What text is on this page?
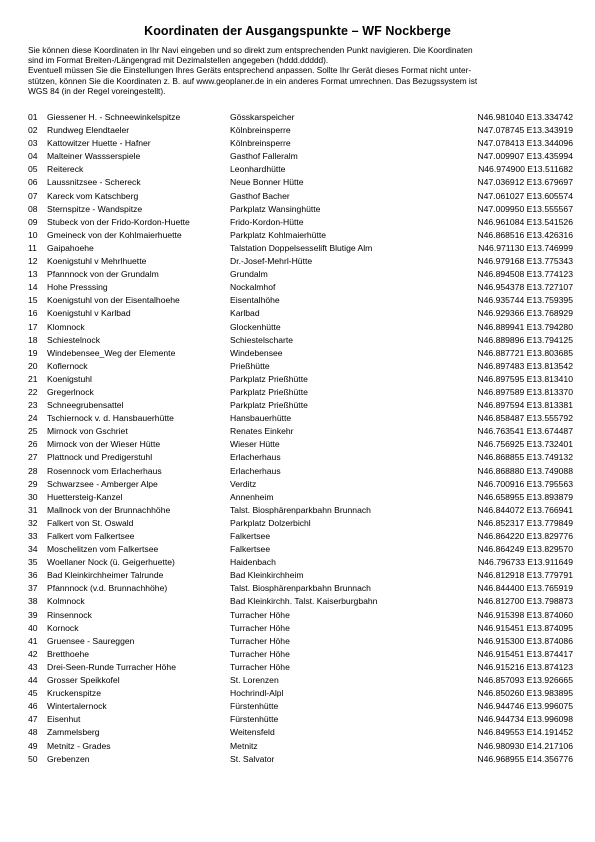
Koordinaten der Ausgangspunkte – WF Nockberge

Sie können diese Koordinaten in Ihr Navi eingeben und so direkt zum entsprechenden Punkt navigieren. Die Koordinaten

sind im Format Breiten-/Längengrad mit Dezimalstellen angegeben (hddd.ddddd).

Eventuell müssen Sie die Einstellungen Ihres Geräts entsprechend anpassen. Sollte Ihr Gerät dieses Format nicht unter-

stützen, können Sie die Koordinaten z. B. auf www.geoplaner.de in ein anderes Format umrechnen. Das Bezugssystem ist

WGS 84 (in der Regel voreingestellt).

01 Giessener H. - Schneewinkelspitze	Gösskarspeicher	N46.981040 E13.334742
02 Rundweg Elendtaeler	Kölnbreinsperre	N47.078745 E13.343919
03 Kattowitzer Huette - Hafner	Kölnbreinsperre	N47.078413 E13.344096
04 Malteiner Wassserspiele	Gasthof Falleralm	N47.009907 E13.435994
05 Reitereck	Leonhardhütte	N46.974900 E13.511682
06 Laussnitzsee - Schereck	Neue Bonner Hütte	N47.036912 E13.679697
07 Kareck vom Katschberg	Gasthof Bacher	N47.061027 E13.605574
08 Sternspitze - Wandspitze	Parkplatz Wansinghütte	N47.009950 E13.555567
09 Stubeck von der Frido-Kordon-Huette	Frido-Kordon-Hütte	N46.961084 E13.541526
10 Gmeineck von der Kohlmaierhuette	Parkplatz Kohlmaierhütte	N46.868516 E13.426316
11 Gaipahoehe	Talstation Doppelsesselift Blutige Alm	N46.971130 E13.746999
12 Koenigstuhl v Mehrlhuette	Dr.-Josef-Mehrl-Hütte	N46.979168 E13.775343
13 Pfannnock von der Grundalm	Grundalm	N46.894508 E13.774123
14 Hohe Presssing	Nockalmhof	N46.954378 E13.727107
15 Koenigstuhl von der Eisentalhoehe	Eisentalhöhe	N46.935744 E13.759395
16 Koenigstuhl v Karlbad	Karlbad	N46.929366 E13.768929
17 Klomnock	Glockenhütte	N46.889941 E13.794280
18 Schiestelnock	Schiestelscharte	N46.889896 E13.794125
19 Windebensee_Weg der Elemente	Windebensee	N46.887721 E13.803685
20 Koflernock	Prießhütte	N46.897483 E13.813542
21 Koenigstuhl	Parkplatz Prießhütte	N46.897595 E13.813410
22 Gregerlnock	Parkplatz Prießhütte	N46.897589 E13.813370
23 Schneegrubensattel	Parkplatz Prießhütte	N46.897594 E13.813381
24 Tschiernock v. d. Hansbauerhütte	Hansbauerhütte	N46.858487 E13.555792
25 Mirnock von Gschriet	Renates Einkehr	N46.763541 E13.674487
26 Mirnock von der Wieser Hütte	Wieser Hütte	N46.756925 E13.732401
27 Plattnock und Predigerstuhl	Erlacherhaus	N46.868855 E13.749132
28 Rosennock vom Erlacherhaus	Erlacherhaus	N46.868880 E13.749088
29 Schwarzsee - Amberger Alpe	Verditz	N46.700916 E13.795563
30 Huettersteig-Kanzel	Annenheim	N46.658955 E13.893879
31 Mallnock von der Brunnachhöhe	Talst. Biosphärenparkbahn Brunnach	N46.844072 E13.766941
32 Falkert von St. Oswald	Parkplatz Dolzerbichl	N46.852317 E13.779849
33 Falkert vom Falkertsee	Falkertsee	N46.864220 E13.829776
34 Moschelitzen vom Falkertsee	Falkertsee	N46.864249 E13.829570
35 Woellaner Nock (ü. Geigerhuette)	Haidenbach	N46.796733 E13.911649
36 Bad Kleinkirchheimer Talrunde	Bad Kleinkirchheim	N46.812918 E13.779791
37 Pfannnock (v.d. Brunnachhöhe)	Talst. Biosphärenparkbahn Brunnach	N46.844400 E13.765919
38 Kolmnock	Bad Kleinkirchh. Talst. Kaiserburgbahn	N46.812700 E13.798873
39 Rinsennock	Turracher Höhe	N46.915398 E13.874060
40 Kornock	Turracher Höhe	N46.915451 E13.874095
41 Gruensee - Saureggen	Turracher Höhe	N46.915300 E13.874086
42 Bretthoehe	Turracher Höhe	N46.915451 E13.874417
43 Drei-Seen-Runde Turracher Höhe	Turracher Höhe	N46.915216 E13.874123
44 Grosser Speikkofel	St. Lorenzen	N46.857093 E13.926665
45 Kruckenspitze	Hochrindl-Alpl	N46.850260 E13.983895
46 Wintertalernock	Fürstenhütte	N46.944746 E13.996075
47 Eisenhut	Fürstenhütte	N46.944734 E13.996098
48 Zammelsberg	Weitensfeld	N46.849553 E14.191452
49 Metnitz - Grades	Metnitz	N46.980930 E14.217106
50 Grebenzen	St. Salvator	N46.968955 E14.356776
